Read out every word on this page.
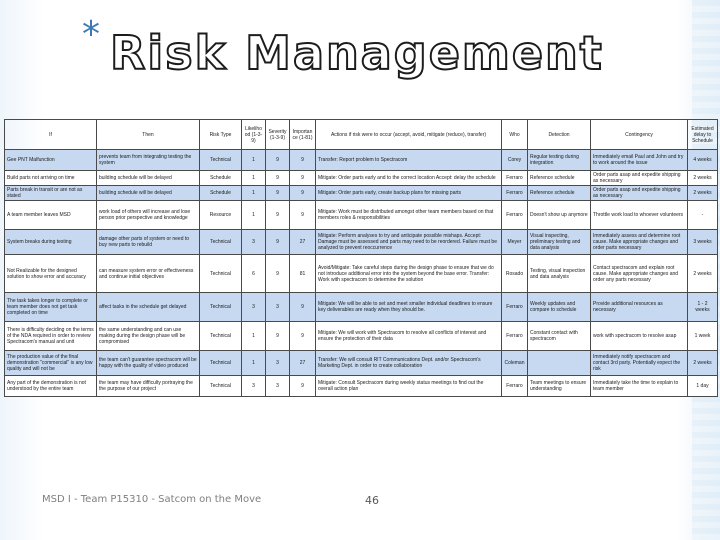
* Risk Management
If	Then	Risk Type	Likelihood (1-3-9)	Severity (1-3-9)	Importance (1-81)	Actions if risk were to occur (accept, avoid, mitigate (reduce), transfer)	Who	Detection	Contingency	Estimated delay to Schedule
Gee PNT Malfunction	prevents team from integrating testing the system	Technical	1	9	9	Transfer: Report problem to Spectracom	Corey	Regular testing during integration	Immediately email Paul and John and try to work around the issue	4 weeks
Build parts not arriving on time	building schedule will be delayed	Schedule	1	9	9	Mitigate: Order parts early and to the correct location Accept: delay the schedule	Ferraro	Reference schedule	Order parts asap and expedite shipping as necessary	2 weeks
Parts break in transit or are not as stated	building schedule will be delayed	Schedule	1	9	9	Mitigate: Order parts early, create backup plans for missing parts	Ferraro	Reference schedule	Order parts asap and expedite shipping as necessary	2 weeks
A team member leaves MSD	work load of others will increase and lose person prior perspective and knowledge	Resource	1	9	9	Mitigate: Work must be distributed amongst other team members based on that members roles & responsibilities	Ferraro	Doesn't show up anymore	Throttle work load to whoever volunteers	-
System breaks during testing	damage other parts of system or need to buy new parts to rebuild	Technical	3	9	27	Mitigate: Perform analyses to try and anticipate possible mishaps. Accept: Damage must be assessed and parts may need to be reordered. Failure must be analyzed to prevent reoccurrence	Meyer	Visual inspecting, preliminary testing and data analysis	Immediately assess and determine root cause. Make appropriate changes and order parts necessary	3 weeks
Not Realizable for the designed solution to show error and accuracy	can measure system error or effectiveness and continue initial objectives	Technical	6	9	81	Avoid/Mitigate: Take careful steps during the design phase to ensure that we do not introduce additional error into the system beyond the base error. Transfer: Work with spectracom to determine the solution	Rosado	Testing, visual inspection and data analysis	Contact spectracom and explain root cause. Make appropriate changes and order any parts necessary	2 weeks
The task takes longer to complete or team member does not get task completed on time	affect tasks in the schedule get delayed	Technical	3	3	9	Mitigate: We will be able to set and meet smaller individual deadlines to ensure key deliverables are ready when they should be.	Ferraro	Weekly updates and compare to schedule	Provide additional resources as necessary	1 - 2 weeks
There is difficulty deciding on the terms of the NDA required in order to review Spectracom's manual and unit	the same understanding and can use making during the design phase will be compromised	Technical	1	9	9	Mitigate: We will work with Spectracom to resolve all conflicts of interest and ensure the protection of their data	Ferraro	Constant contact with spectracom	work with spectracom to resolve asap	1 week
The production value of the final demonstration "commercial" is any low quality and will not be	the team can't guarantee spectracom will be happy with the quality of video produced	Technical	1	3	27	Transfer: We will consult RIT Communications Dept. and/or Spectracom's Marketing Dept. in order to create collaboration	Coleman		Immediately notify spectracom and contact 3rd party. Potentially expect the risk	2 weeks
Any part of the demonstration is not understood by the entire team	the team may have difficulty portraying the the purpose of our project	Technical	3	3	9	Mitigate: Consult Spectracom during weekly status meetings to find out the overall action plan	Ferraro	Team meetings to ensure understanding	Immediately take the time to explain to team member	1 day
MSD I - Team P15310 - Satcom on the Move	46
